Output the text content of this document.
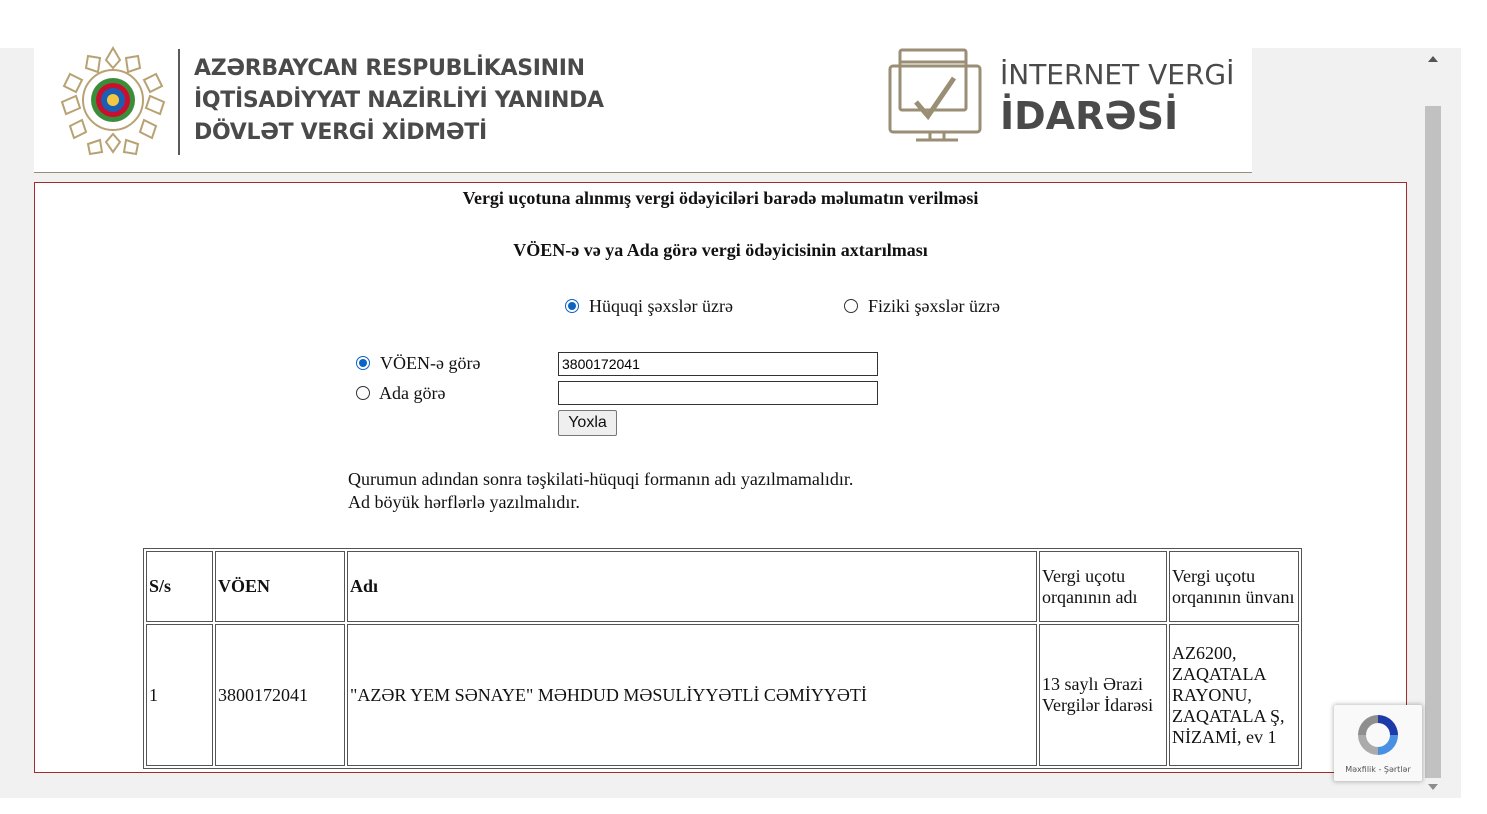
AZƏRBAYCAN RESPUBLİKASININ
İQTİSADİYYAT NAZİRLİYİ YANINDA
DÖVLƏT VERGİ XİDMƏTİ
İNTERNET VERGİ
İDARƏSİ
Vergi uçotuna alınmış vergi ödəyiciləri barədə məlumatın verilməsi
VÖEN-ə və ya Ada görə vergi ödəyicisinin axtarılması
Hüquqi şəxslər üzrə	Fiziki şəxslər üzrə
VÖEN-ə görə
Ada görə
3800172041
Yoxla
Qurumun adından sonra təşkilati-hüquqi formanın adı yazılmamalıdır.
Ad böyük hərflərlə yazılmalıdır.
S/s	VÖEN	Adı	Vergi uçotu orqanının adı	Vergi uçotu orqanının ünvanı
1	3800172041	"AZƏR YEM SƏNAYE" MƏHDUD MƏSULİYYƏTLİ CƏMİYYƏTİ	13 saylı Ərazi Vergilər İdarəsi	AZ6200, ZAQATALA RAYONU, ZAQATALA Ş, NİZAMİ, ev 1
Məxfilik - Şərtlər
